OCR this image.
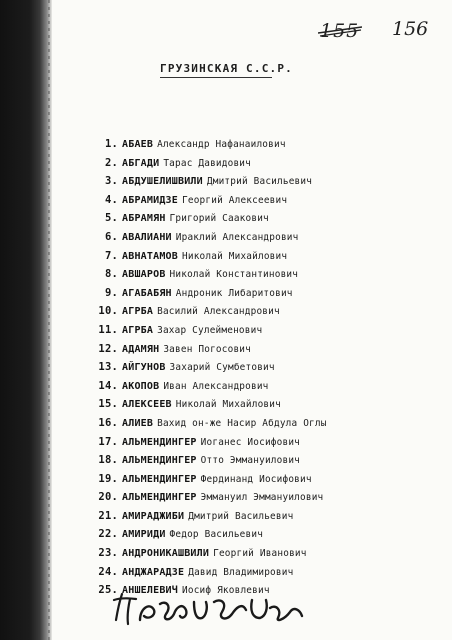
155 156
ГРУЗИНСКАЯ С.С.Р.
1. АБАЕВ Александр Нафанаилович
2. АБГАДИ Тарас Давидович
3. АБДУШЕЛИШВИЛИ Дмитрий Васильевич
4. АБРАМИДЗЕ Георгий Алексеевич
5. АБРАМЯН Григорий Саакович
6. АВАЛИАНИ Ираклий Александрович
7. АВНАТАМОВ Николай Михайлович
8. АВШАРОВ Николай Константинович
9. АГАБАБЯН Андроник Либаритович
10. АГРБА Василий Александрович
11. АГРБА Захар Сулейменович
12. АДАМЯН Завен Погосович
13. АЙГУНОВ Захарий Сумбетович
14. АКОПОВ Иван Александрович
15. АЛЕКСЕЕВ Николай Михайлович
16. АЛИЕВ Вахид он-же Насир Абдула Оглы
17. АЛЬМЕНДИНГЕР Иоганес Иосифович
18. АЛЬМЕНДИНГЕР Отто Эммануилович
19. АЛЬМЕНДИНГЕР Фердинанд Иосифович
20. АЛЬМЕНДИНГЕР Эммануил Эммануилович
21. АМИРАДЖИБИ Дмитрий Васильевич
22. АМИРИДИ Федор Васильевич
23. АНДРОНИКАШВИЛИ Георгий Иванович
24. АНДЖАРАДЗЕ Давид Владимирович
25. АНШЕЛЕВИЧ Иосиф Яковлевич
